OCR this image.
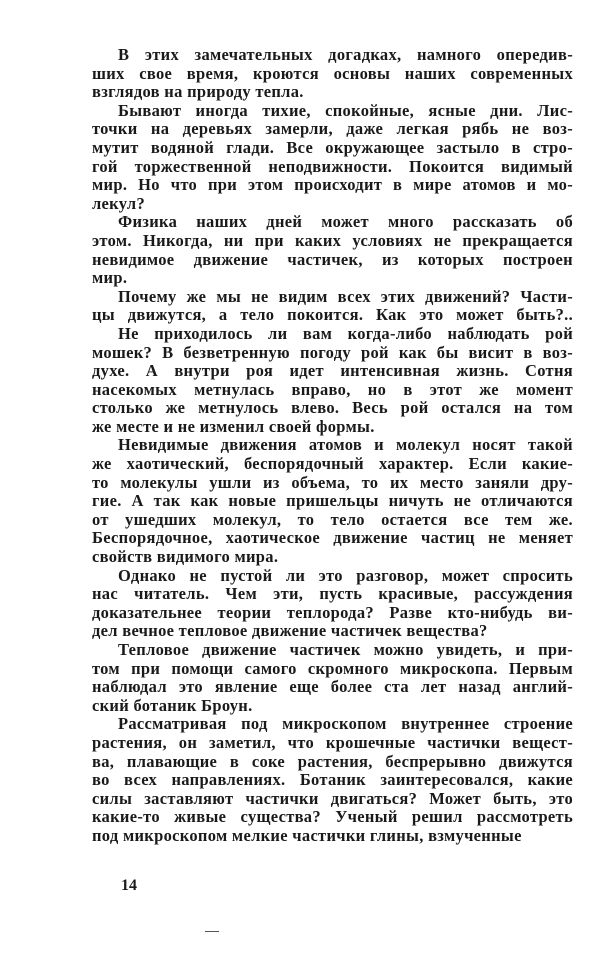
В этих замечательных догадках, намного опередив-
ших свое время, кроются основы наших современных
взглядов на природу тепла.
Бывают иногда тихие, спокойные, ясные дни. Лис-
точки на деревьях замерли, даже легкая рябь не воз-
мутит водяной глади. Все окружающее застыло в стро-
гой торжественной неподвижности. Покоится видимый
мир. Но что при этом происходит в мире атомов и мо-
лекул?
Физика наших дней может много рассказать об
этом. Никогда, ни при каких условиях не прекращается
невидимое движение частичек, из которых построен
мир.
Почему же мы не видим всех этих движений? Части-
цы движутся, а тело покоится. Как это может быть?..
Не приходилось ли вам когда-либо наблюдать рой
мошек? В безветренную погоду рой как бы висит в воз-
духе. А внутри роя идет интенсивная жизнь. Сотня
насекомых метнулась вправо, но в этот же момент
столько же метнулось влево. Весь рой остался на том
же месте и не изменил своей формы.
Невидимые движения атомов и молекул носят такой
же хаотический, беспорядочный характер. Если какие-
то молекулы ушли из объема, то их место заняли дру-
гие. А так как новые пришельцы ничуть не отличаются
от ушедших молекул, то тело остается все тем же.
Беспорядочное, хаотическое движение частиц не меняет
свойств видимого мира.
Однако не пустой ли это разговор, может спросить
нас читатель. Чем эти, пусть красивые, рассуждения
доказательнее теории теплорода? Разве кто-нибудь ви-
дел вечное тепловое движение частичек вещества?
Тепловое движение частичек можно увидеть, и при-
том при помощи самого скромного микроскопа. Первым
наблюдал это явление еще более ста лет назад англий-
ский ботаник Броун.
Рассматривая под микроскопом внутреннее строение
растения, он заметил, что крошечные частички вещест-
ва, плавающие в соке растения, беспрерывно движутся
во всех направлениях. Ботаник заинтересовался, какие
силы заставляют частички двигаться? Может быть, это
какие-то живые существа? Ученый решил рассмотреть
под микроскопом мелкие частички глины, взмученные
14
